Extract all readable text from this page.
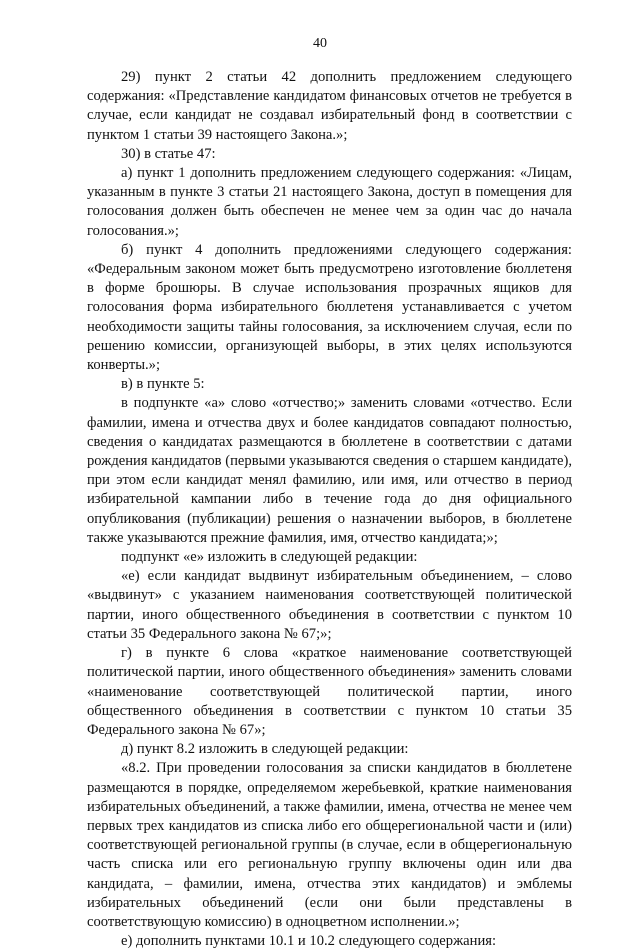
40

29) пункт 2 статьи 42 дополнить предложением следующего содержания: «Представление кандидатом финансовых отчетов не требуется в случае, если кандидат не создавал избирательный фонд в соответствии с пунктом 1 статьи 39 настоящего Закона.»;

30) в статье 47:

а) пункт 1 дополнить предложением следующего содержания: «Лицам, указанным в пункте 3 статьи 21 настоящего Закона, доступ в помещения для голосования должен быть обеспечен не менее чем за один час до начала голосования.»;

б) пункт 4 дополнить предложениями следующего содержания: «Федеральным законом может быть предусмотрено изготовление бюллетеня в форме брошюры. В случае использования прозрачных ящиков для голосования форма избирательного бюллетеня устанавливается с учетом необходимости защиты тайны голосования, за исключением случая, если по решению комиссии, организующей выборы, в этих целях используются конверты.»;

в) в пункте 5:

в подпункте «а» слово «отчество;» заменить словами «отчество. Если фамилии, имена и отчества двух и более кандидатов совпадают полностью, сведения о кандидатах размещаются в бюллетене в соответствии с датами рождения кандидатов (первыми указываются сведения о старшем кандидате), при этом если кандидат менял фамилию, или имя, или отчество в период избирательной кампании либо в течение года до дня официального опубликования (публикации) решения о назначении выборов, в бюллетене также указываются прежние фамилия, имя, отчество кандидата;»;

подпункт «е» изложить в следующей редакции:

«е) если кандидат выдвинут избирательным объединением, – слово «выдвинут» с указанием наименования соответствующей политической партии, иного общественного объединения в соответствии с пунктом 10 статьи 35 Федерального закона № 67;»;

г) в пункте 6 слова «краткое наименование соответствующей политической партии, иного общественного объединения» заменить словами «наименование соответствующей политической партии, иного общественного объединения в соответствии с пунктом 10 статьи 35 Федерального закона № 67»;

д) пункт 8.2 изложить в следующей редакции:

«8.2. При проведении голосования за списки кандидатов в бюллетене размещаются в порядке, определяемом жеребьевкой, краткие наименования избирательных объединений, а также фамилии, имена, отчества не менее чем первых трех кандидатов из списка либо его общерегиональной части и (или) соответствующей региональной группы (в случае, если в общерегиональную часть списка или его региональную группу включены один или два кандидата, – фамилии, имена, отчества этих кандидатов) и эмблемы избирательных объединений (если они были представлены в соответствующую комиссию) в одноцветном исполнении.»;

е) дополнить пунктами 10.1 и 10.2 следующего содержания:
